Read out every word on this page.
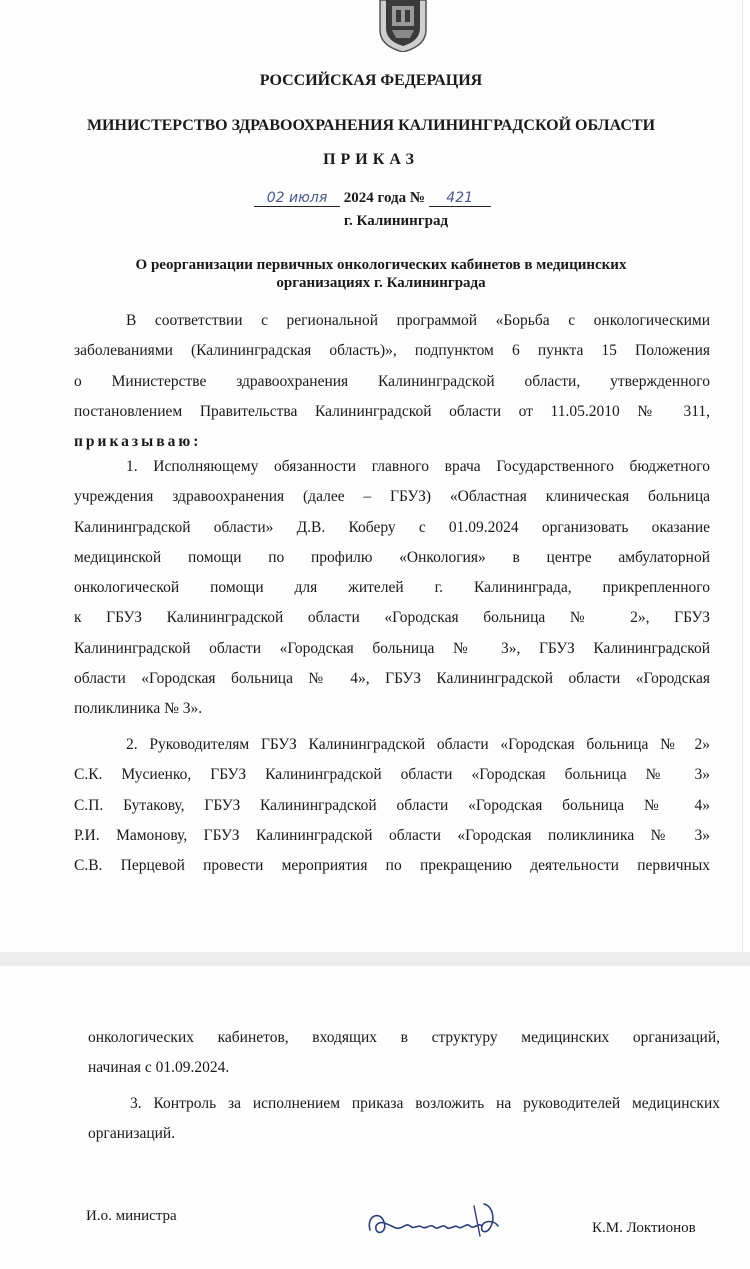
РОССИЙСКАЯ ФЕДЕРАЦИЯ
МИНИСТЕРСТВО ЗДРАВООХРАНЕНИЯ КАЛИНИНГРАДСКОЙ ОБЛАСТИ
ПРИКАЗ
02 июля 2024 года № 421
г. Калининград
О реорганизации первичных онкологических кабинетов в медицинских
организациях г. Калининграда
В соответствии с региональной программой «Борьба с онкологическими
заболеваниями (Калининградская область)», подпунктом 6 пункта 15 Положения
о Министерстве здравоохранения Калининградской области, утвержденного
постановлением Правительства Калининградской области от 11.05.2010 № 311,
приказываю:
1. Исполняющему обязанности главного врача Государственного бюджетного
учреждения здравоохранения (далее – ГБУЗ) «Областная клиническая больница
Калининградской области» Д.В. Коберу с 01.09.2024 организовать оказание
медицинской помощи по профилю «Онкология» в центре амбулаторной
онкологической помощи для жителей г. Калининграда, прикрепленного
к ГБУЗ Калининградской области «Городская больница № 2», ГБУЗ
Калининградской области «Городская больница № 3», ГБУЗ Калининградской
области «Городская больница № 4», ГБУЗ Калининградской области «Городская
поликлиника № 3».
2. Руководителям ГБУЗ Калининградской области «Городская больница № 2»
С.К. Мусиенко, ГБУЗ Калининградской области «Городская больница № 3»
С.П. Бутакову, ГБУЗ Калининградской области «Городская больница № 4»
Р.И. Мамонову, ГБУЗ Калининградской области «Городская поликлиника № 3»
С.В. Перцевой провести мероприятия по прекращению деятельности первичных
онкологических кабинетов, входящих в структуру медицинских организаций,
начиная с 01.09.2024.
3. Контроль за исполнением приказа возложить на руководителей медицинских
организаций.
И.о. министра
К.М. Локтионов
